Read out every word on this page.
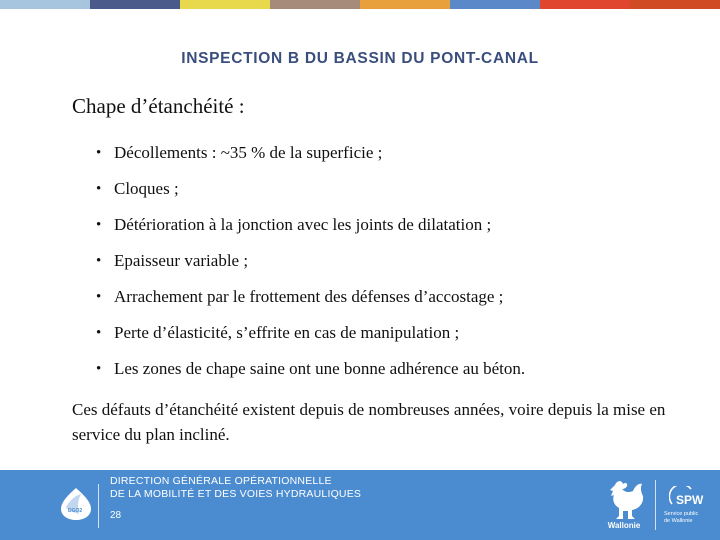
INSPECTION B DU BASSIN DU PONT-CANAL
Chape d’étanchéité :
• Décollements : ~35 % de la superficie ;
• Cloques ;
• Détérioration à la jonction avec les joints de dilatation ;
• Epaisseur variable ;
• Arrachement par le frottement des défenses d’accostage ;
• Perte d’élasticité, s’effrite en cas de manipulation ;
• Les zones de chape saine ont une bonne adhérence au béton.
Ces défauts d’étanchéité existent depuis de nombreuses années, voire depuis la mise en service du plan incliné.
DGO2
DIRECTION GÉNÉRALE OPÉRATIONNELLE
DE LA MOBILITÉ ET DES VOIES HYDRAULIQUES
28
Wallonie
SPW
Service public
de Wallonie
